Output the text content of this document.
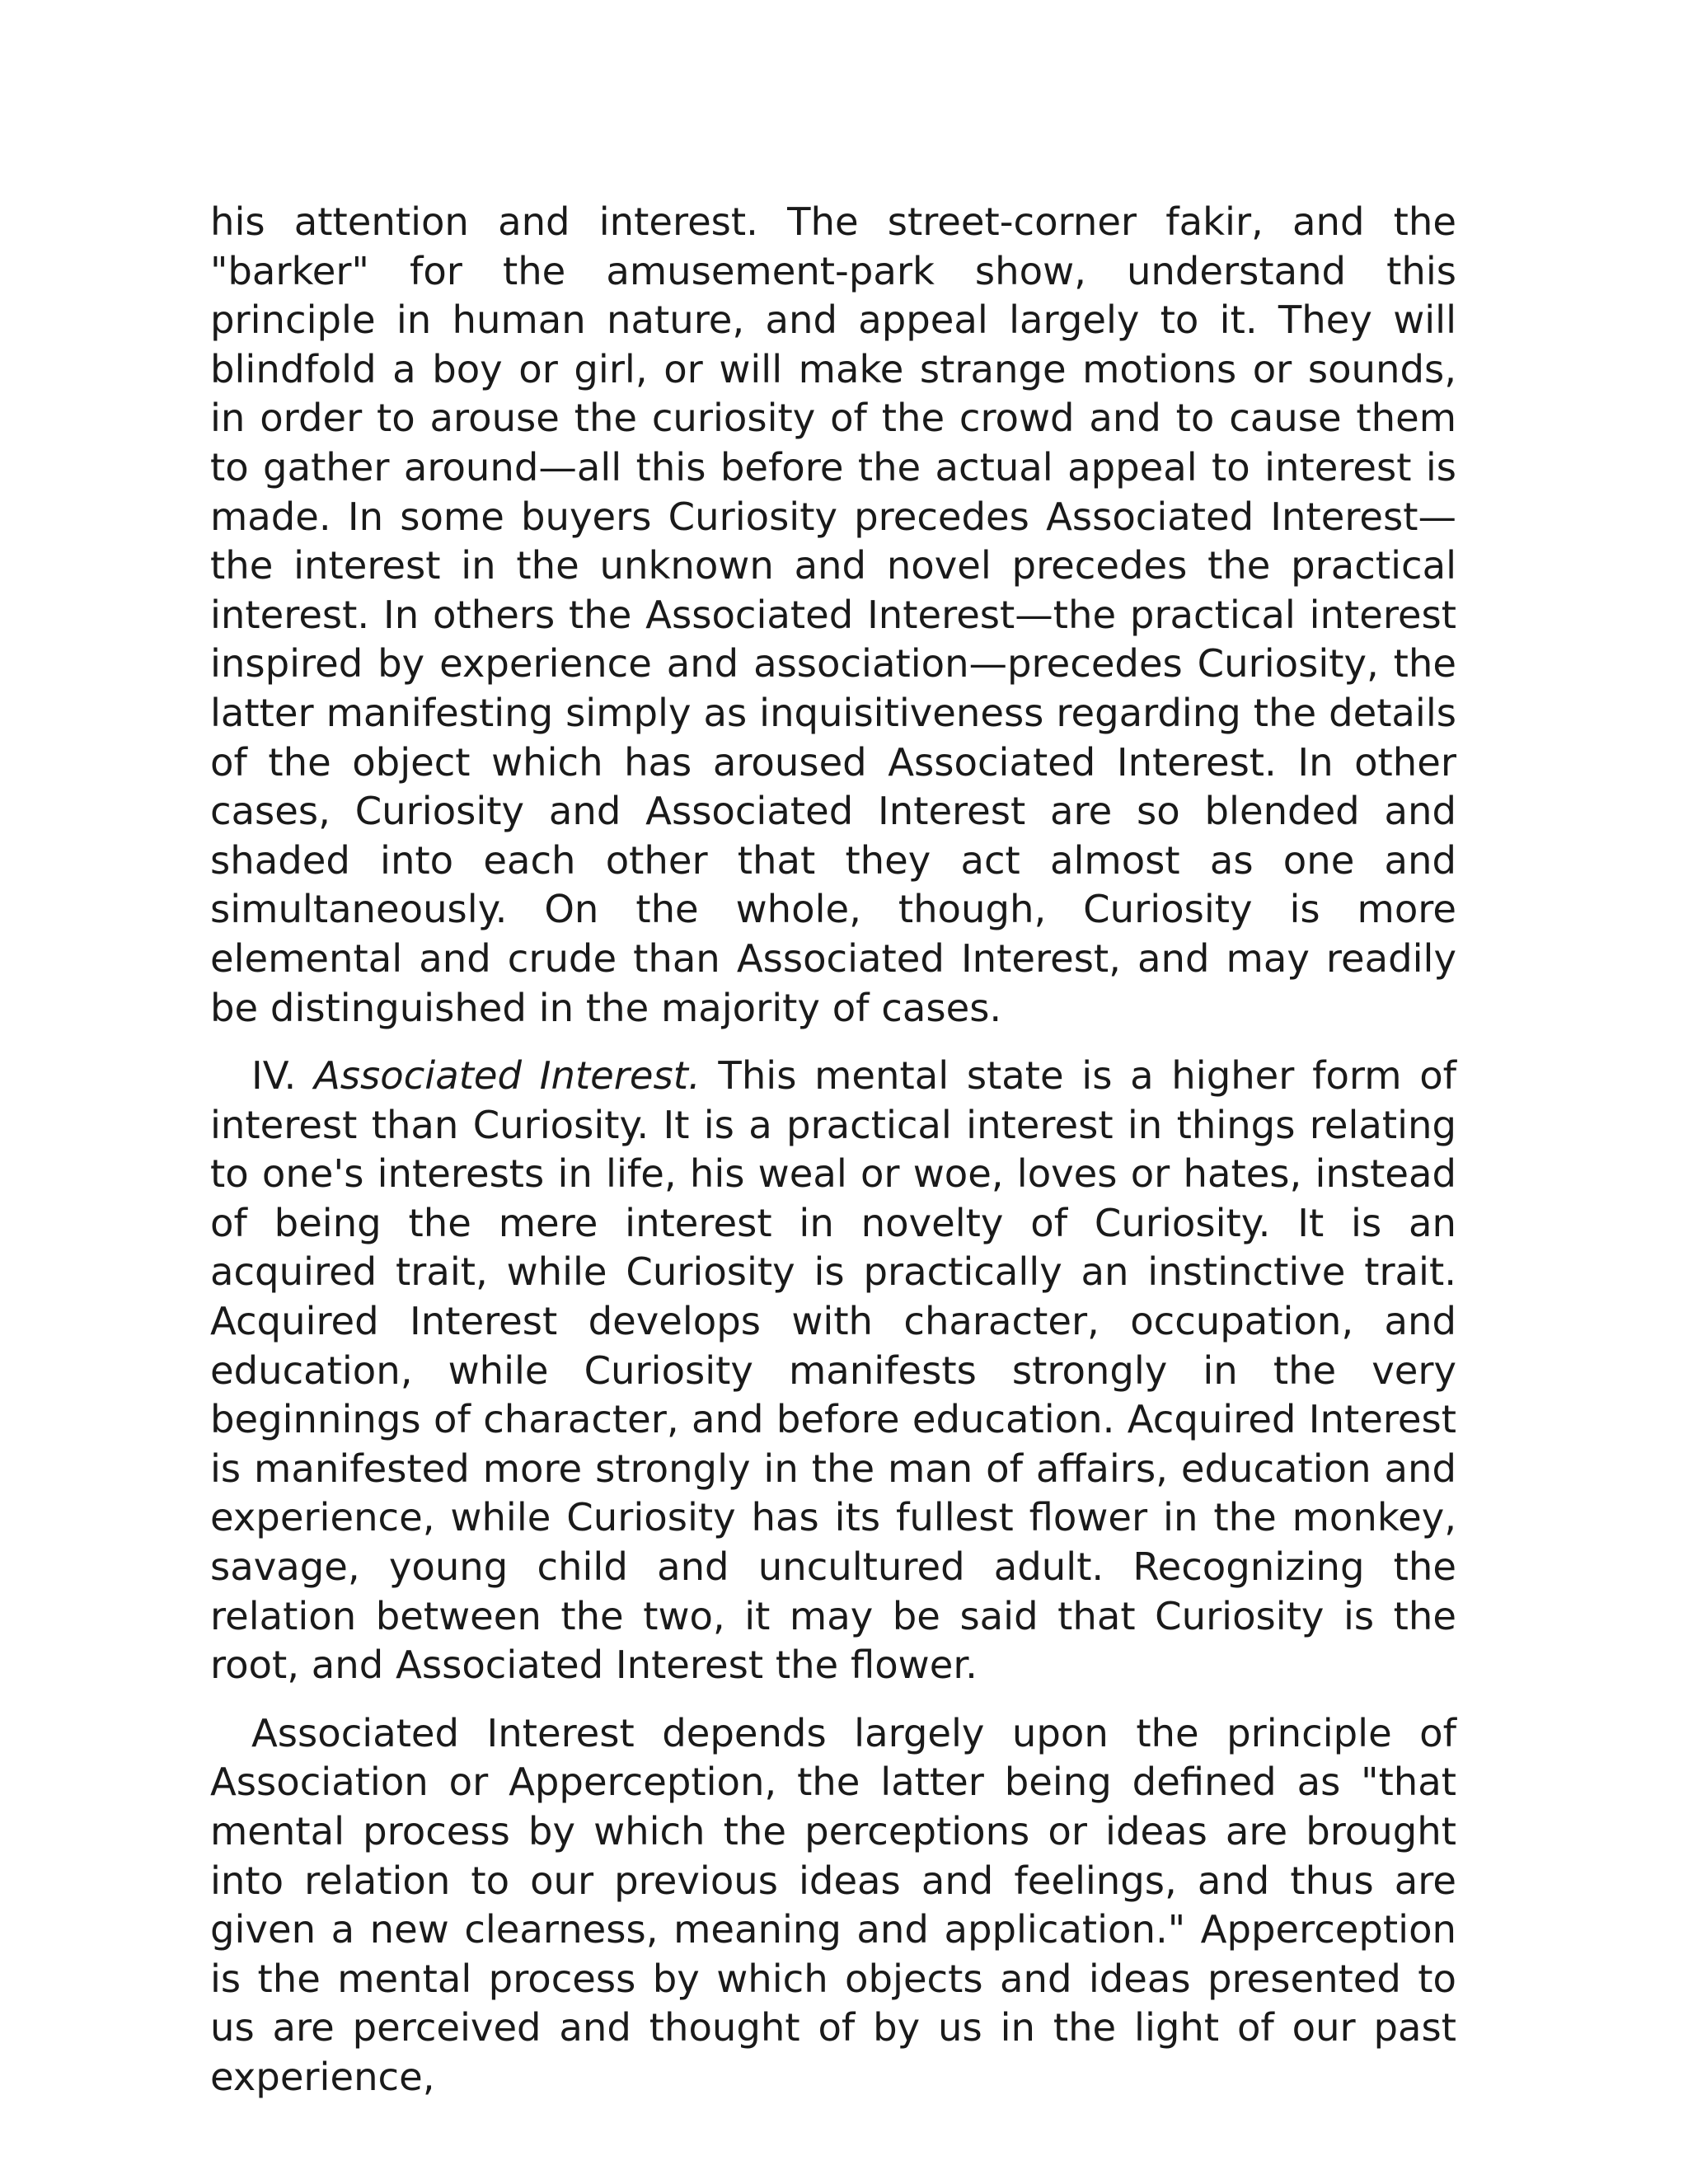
his attention and interest. The street-corner fakir, and the "barker" for the amusement-park show, understand this principle in human nature, and appeal largely to it. They will blindfold a boy or girl, or will make strange motions or sounds, in order to arouse the curiosity of the crowd and to cause them to gather around—all this before the actual appeal to interest is made. In some buyers Curiosity precedes Associated Interest—the interest in the unknown and novel precedes the practical interest. In others the Associated Interest—the practical interest inspired by experience and association—precedes Curiosity, the latter manifesting simply as inquisitiveness regarding the details of the object which has aroused Associated Interest. In other cases, Curiosity and Associated Interest are so blended and shaded into each other that they act almost as one and simultaneously. On the whole, though, Curiosity is more elemental and crude than Associated Interest, and may readily be distinguished in the majority of cases.

IV. Associated Interest. This mental state is a higher form of interest than Curiosity. It is a practical interest in things relating to one's interests in life, his weal or woe, loves or hates, instead of being the mere interest in novelty of Curiosity. It is an acquired trait, while Curiosity is practically an instinctive trait. Acquired Interest develops with character, occupation, and education, while Curiosity manifests strongly in the very beginnings of character, and before education. Acquired Interest is manifested more strongly in the man of affairs, education and experience, while Curiosity has its fullest flower in the monkey, savage, young child and uncultured adult. Recognizing the relation between the two, it may be said that Curiosity is the root, and Associated Interest the flower.

Associated Interest depends largely upon the principle of Association or Apperception, the latter being defined as "that mental process by which the perceptions or ideas are brought into relation to our previous ideas and feelings, and thus are given a new clearness, meaning and application." Apperception is the mental process by which objects and ideas presented to us are perceived and thought of by us in the light of our past experience,
